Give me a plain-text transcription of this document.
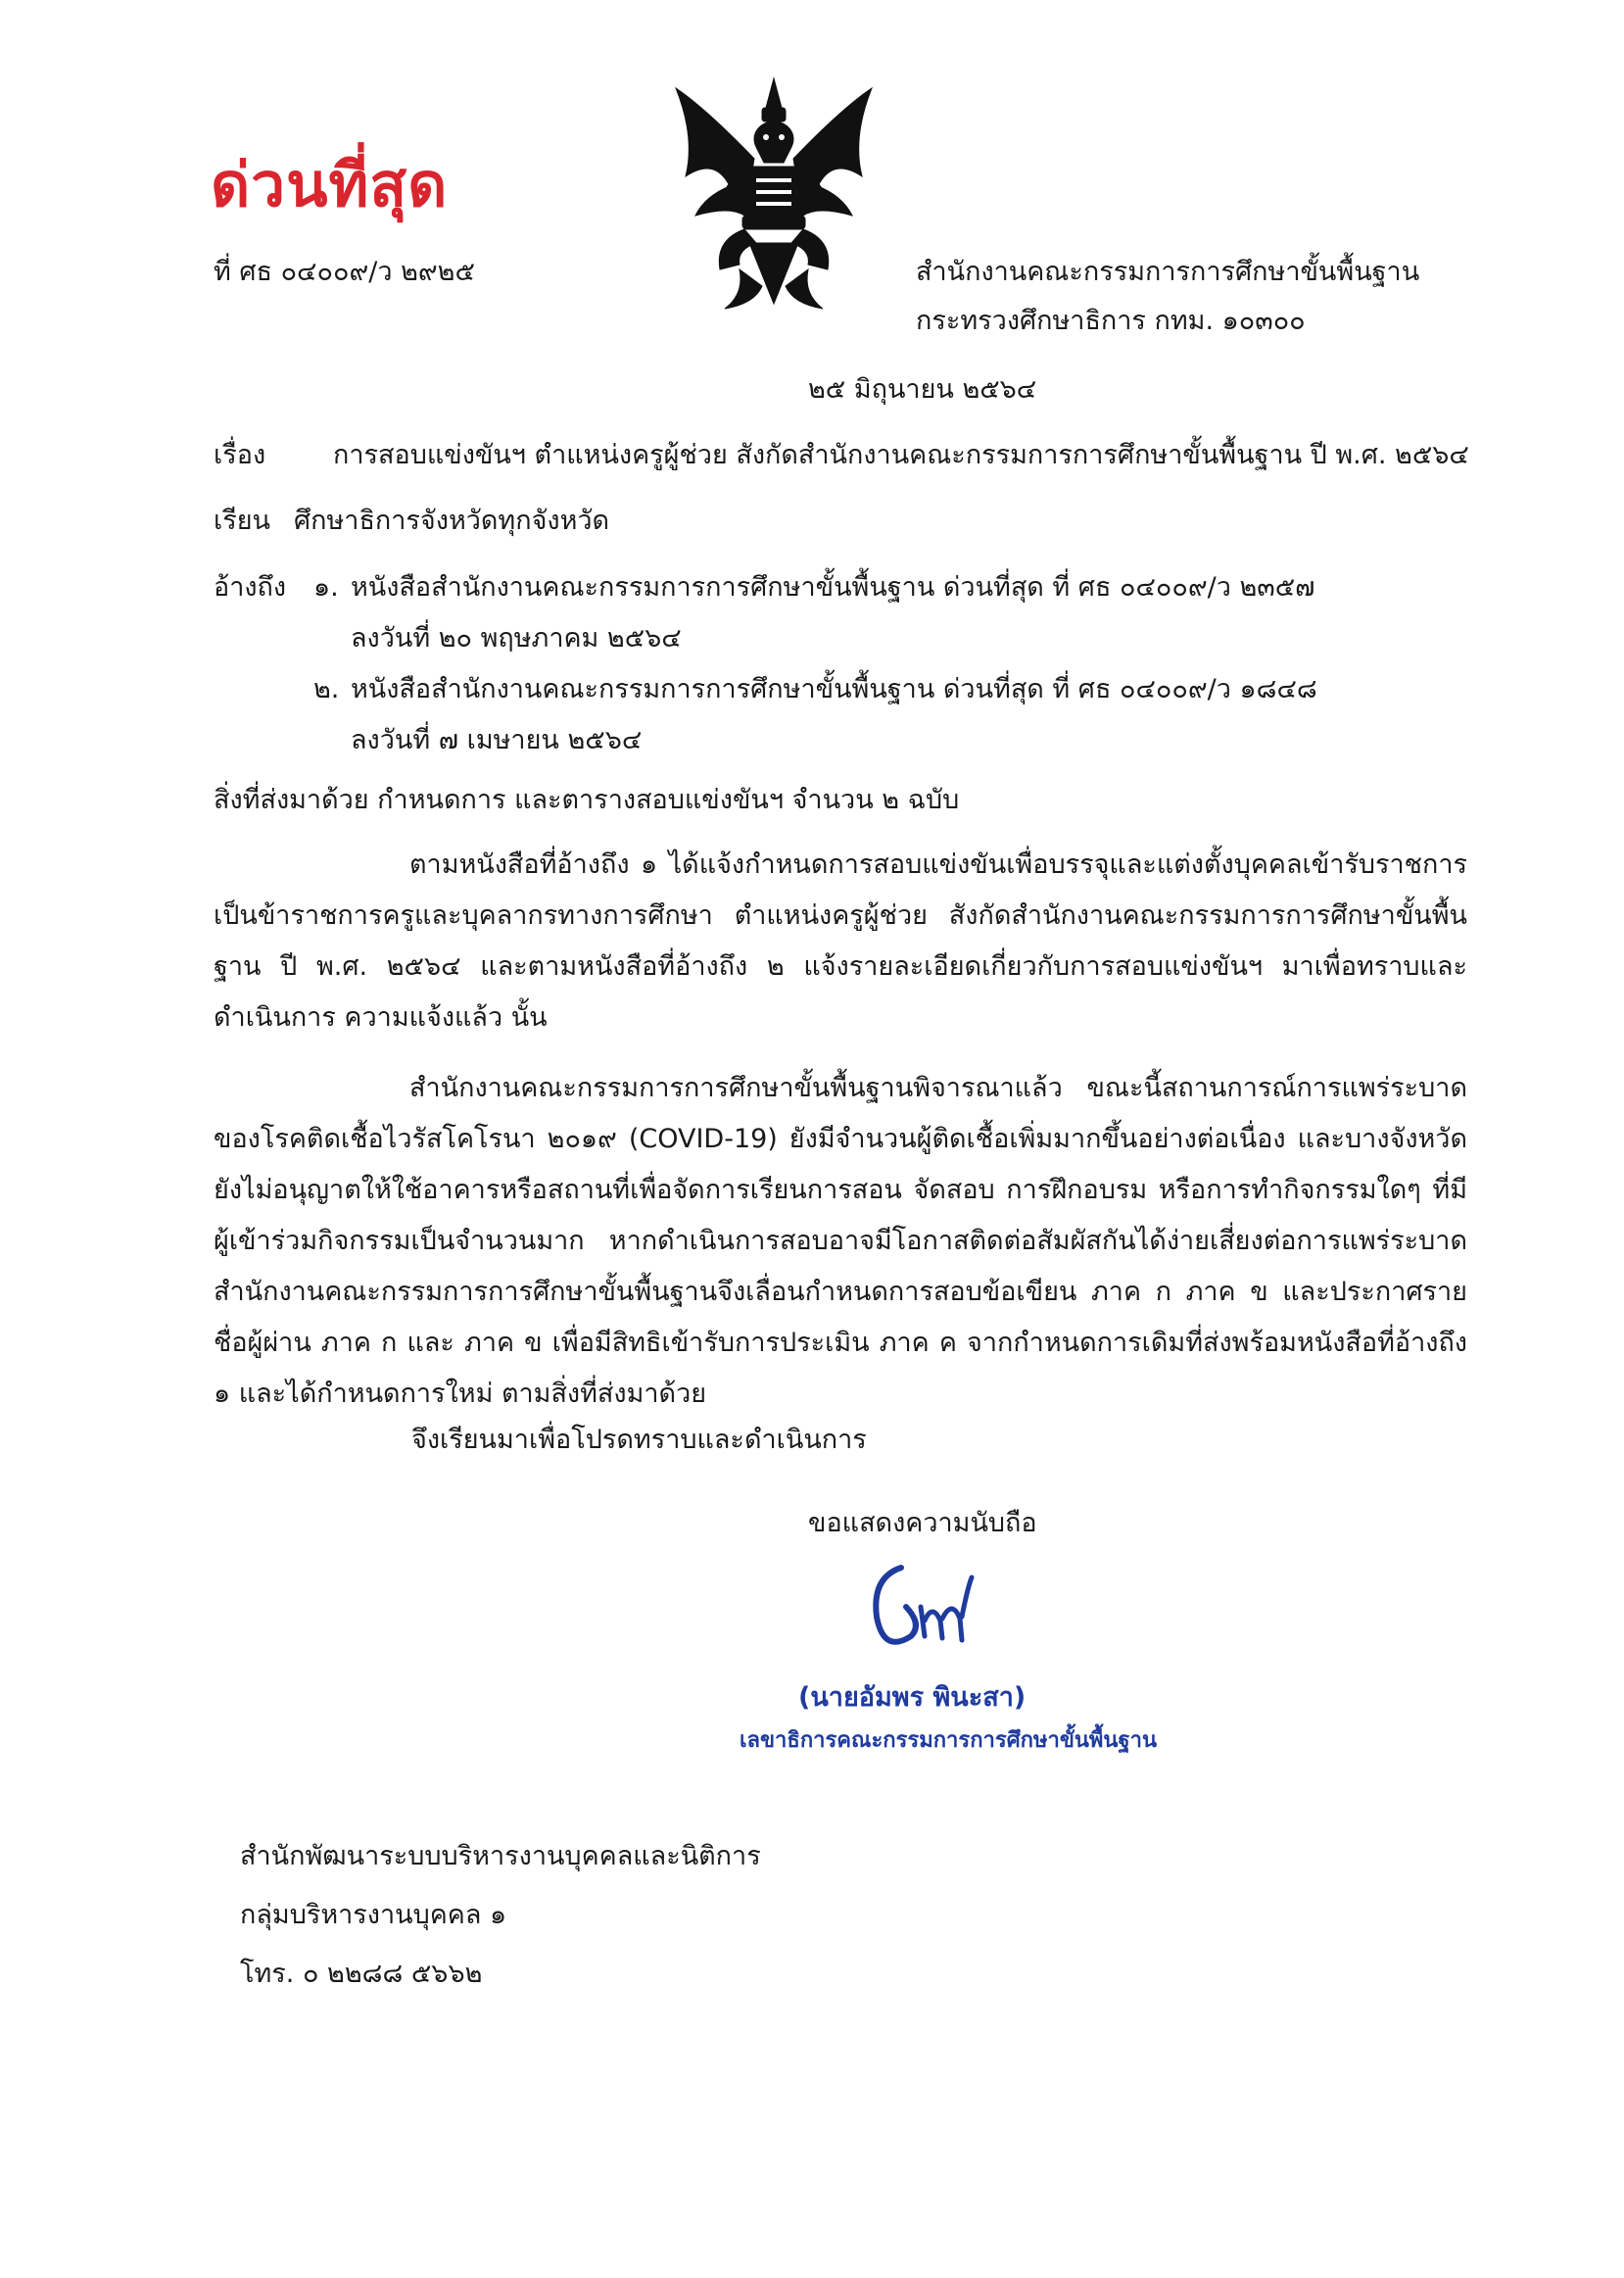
ด่วนที่สุด
ที่ ศธ ๐๔๐๐๙/ว ๒๙๒๕	สำนักงานคณะกรรมการการศึกษาขั้นพื้นฐาน
กระทรวงศึกษาธิการ กทม. ๑๐๓๐๐
๒๕ มิถุนายน ๒๕๖๔
เรื่อง	การสอบแข่งขันฯ ตำแหน่งครูผู้ช่วย สังกัดสำนักงานคณะกรรมการการศึกษาขั้นพื้นฐาน ปี พ.ศ. ๒๕๖๔
เรียน ศึกษาธิการจังหวัดทุกจังหวัด
อ้างถึง ๑. หนังสือสำนักงานคณะกรรมการการศึกษาขั้นพื้นฐาน ด่วนที่สุด ที่ ศธ ๐๔๐๐๙/ว ๒๓๕๗
ลงวันที่ ๒๐ พฤษภาคม ๒๕๖๔
๒. หนังสือสำนักงานคณะกรรมการการศึกษาขั้นพื้นฐาน ด่วนที่สุด ที่ ศธ ๐๔๐๐๙/ว ๑๘๔๘
ลงวันที่ ๗ เมษายน ๒๕๖๔
สิ่งที่ส่งมาด้วย กำหนดการ และตารางสอบแข่งขันฯ จำนวน ๒ ฉบับ

ตามหนังสือที่อ้างถึง ๑ ได้แจ้งกำหนดการสอบแข่งขันเพื่อบรรจุและแต่งตั้งบุคคลเข้ารับราชการเป็นข้าราชการครูและบุคลากรทางการศึกษา ตำแหน่งครูผู้ช่วย สังกัดสำนักงานคณะกรรมการการศึกษาขั้นพื้นฐาน ปี พ.ศ. ๒๕๖๔ และตามหนังสือที่อ้างถึง ๒ แจ้งรายละเอียดเกี่ยวกับการสอบแข่งขันฯ มาเพื่อทราบและดำเนินการ ความแจ้งแล้ว นั้น

สำนักงานคณะกรรมการการศึกษาขั้นพื้นฐานพิจารณาแล้ว ขณะนี้สถานการณ์การแพร่ระบาดของโรคติดเชื้อไวรัสโคโรนา ๒๐๑๙ (COVID-19) ยังมีจำนวนผู้ติดเชื้อเพิ่มมากขึ้นอย่างต่อเนื่อง และบางจังหวัดยังไม่อนุญาตให้ใช้อาคารหรือสถานที่เพื่อจัดการเรียนการสอน จัดสอบ การฝึกอบรม หรือการทำกิจกรรมใดๆ ที่มีผู้เข้าร่วมกิจกรรมเป็นจำนวนมาก หากดำเนินการสอบอาจมีโอกาสติดต่อสัมผัสกันได้ง่ายเสี่ยงต่อการแพร่ระบาด สำนักงานคณะกรรมการการศึกษาขั้นพื้นฐานจึงเลื่อนกำหนดการสอบข้อเขียน ภาค ก ภาค ข และประกาศรายชื่อผู้ผ่าน ภาค ก และ ภาค ข เพื่อมีสิทธิเข้ารับการประเมิน ภาค ค จากกำหนดการเดิมที่ส่งพร้อมหนังสือที่อ้างถึง ๑ และได้กำหนดการใหม่ ตามสิ่งที่ส่งมาด้วย

จึงเรียนมาเพื่อโปรดทราบและดำเนินการ
ขอแสดงความนับถือ
(นายอัมพร พินะสา)
เลขาธิการคณะกรรมการการศึกษาขั้นพื้นฐาน
สำนักพัฒนาระบบบริหารงานบุคคลและนิติการ
กลุ่มบริหารงานบุคคล ๑
โทร. ๐ ๒๒๘๘ ๕๖๖๒
